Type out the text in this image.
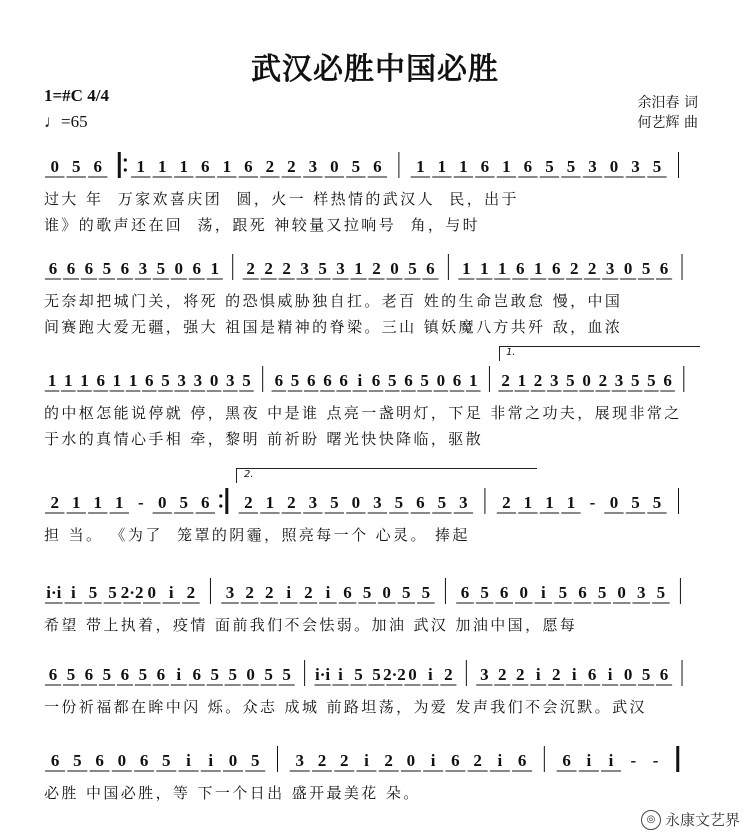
武汉必胜中国必胜
1=#C 4/4
♩=65
余汨春 词
何艺辉 曲
0 5 6 1 1 1 6 1 6 2 2 3 0 5 6 1 1 1 6 1 6 5 5 3 0 3 5
过大 年  万家欢喜庆团  圆，火一 样热情的武汉人  民，出于
谁》的歌声还在回  荡，跟死 神较量又拉响号  角，与时
6 6 6 5 6 3 5 0 6 1 2 2 2 3 5 3 1 2 0 5 6 1 1 1 6 1 6 2 2 3 0 5 6
无奈却把城门关，将死 的恐惧威胁独自扛。老百 姓的生命岂敢怠 慢，中国
间赛跑大爱无疆，强大 祖国是精神的脊梁。三山 镇妖魔八方共歼 敌，血浓
1.
1 1 1 6 1 1 6 5 3 3 0 3 5 6 5 6 6 6 i 6 5 6 5 0 6 1 2 1 2 3 5 0 2 3 5 5 6
的中枢怎能说停就 停，黑夜 中是谁 点亮一盏明灯，下足 非常之功夫，展现非常之
于水的真情心手相 牵，黎明 前祈盼 曙光快快降临，驱散
2.
2 1 1 1 - 0 5 6 2 1 2 3 5 0 3 5 6 5 3 2 1 1 1 - 0 5 5
担 当。 《为了  笼罩的阴霾，照亮每一个 心灵。 捧起
i·i i 5 5 2·2 0 i 2 3 2 2 i 2 i 6 5 0 5 5 6 5 6 0 i 5 6 5 0 3 5
希望 带上执着，疫情 面前我们不会怯弱。加油 武汉 加油中国，愿每
6 5 6 5 6 5 6 i 6 5 5 0 5 5 i·i i 5 5 2·2 0 i 2 3 2 2 i 2 i 6 i 0 5 6
一份祈福都在眸中闪 烁。众志 成城 前路坦荡，为爱 发声我们不会沉默。武汉
6 5 6 0 6 5 i i 0 5 3 2 2 i 2 0 i 6 2 i 6 6 i i - -
必胜 中国必胜，等 下一个日出 盛开最美花 朵。
◎ 永康文艺界
